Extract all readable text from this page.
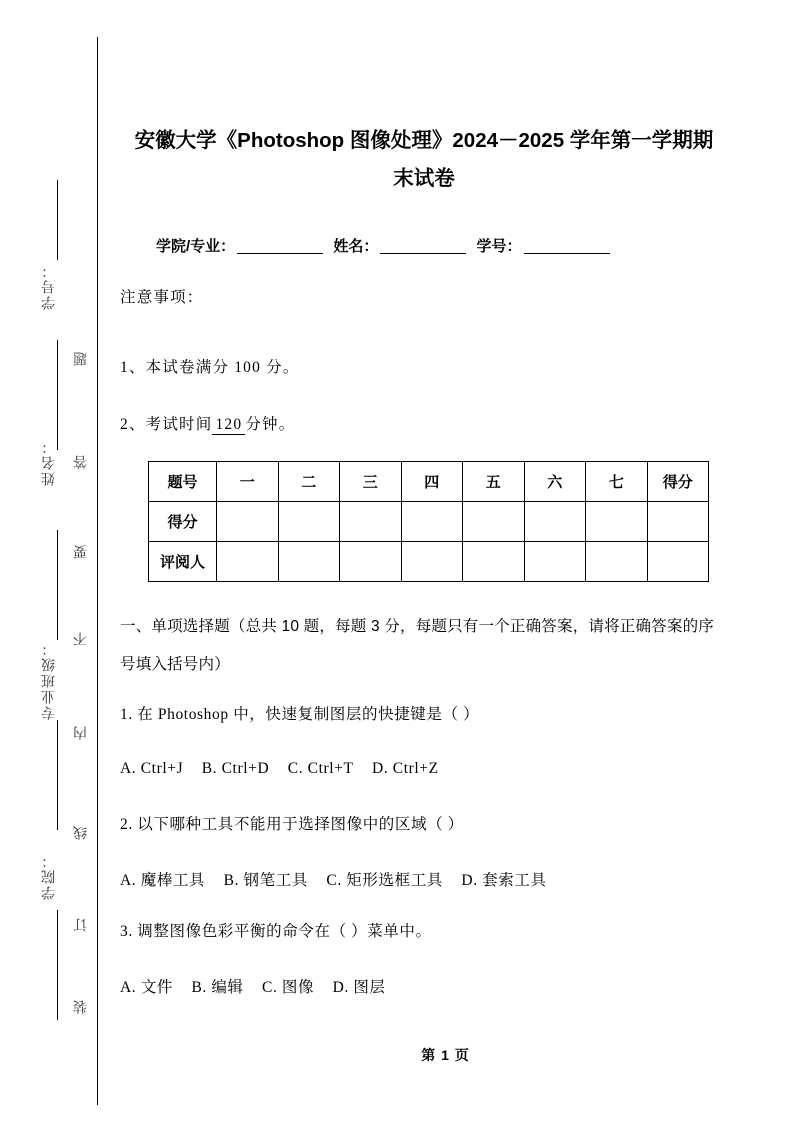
学号：
姓名：
专业班级：
学院：
题
答
要
不
内
线
订
装
安徽大学《Photoshop 图像处理》2024－2025 学年第一学期期末试卷
学院/专业：	姓名：	学号：
注意事项：
1、本试卷满分 100 分。
2、考试时间 120 分钟。
题号	一	二	三	四	五	六	七	得分
得分								
评阅人								
一、单项选择题（总共 10 题，每题 3 分，每题只有一个正确答案，请将正确答案的序号填入括号内）
1. 在 Photoshop 中，快速复制图层的快捷键是（ ）
A. Ctrl+J B. Ctrl+D C. Ctrl+T D. Ctrl+Z
2. 以下哪种工具不能用于选择图像中的区域（ ）
A. 魔棒工具 B. 钢笔工具 C. 矩形选框工具 D. 套索工具
3. 调整图像色彩平衡的命令在（ ）菜单中。
A. 文件 B. 编辑 C. 图像 D. 图层
第 1 页
